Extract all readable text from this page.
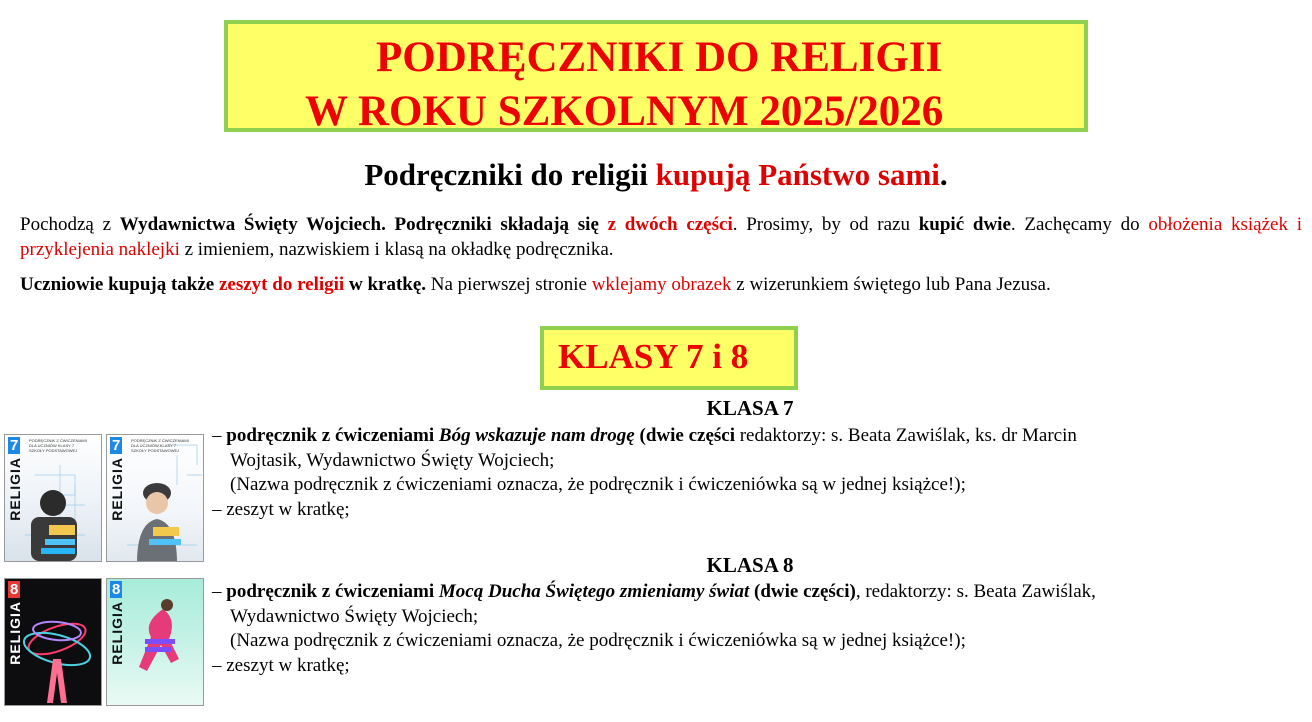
PODRĘCZNIKI DO RELIGII
W ROKU SZKOLNYM 2025/2026
Podręczniki do religii kupują Państwo sami.
Pochodzą z Wydawnictwa Święty Wojciech. Podręczniki składają się z dwóch części. Prosimy, by od razu kupić dwie. Zachęcamy do obłożenia książek i przyklejenia naklejki z imieniem, nazwiskiem i klasą na okładkę podręcznika.
Uczniowie kupują także zeszyt do religii w kratkę. Na pierwszej stronie wklejamy obrazek z wizerunkiem świętego lub Pana Jezusa.
KLASY 7 i 8
KLASA 7
7	PODRĘCZNIK Z ĆWICZENIAMI DLA UCZNIÓW KLASY 7 SZKOŁY PODSTAWOWEJ
RELIGIA
7	PODRĘCZNIK Z ĆWICZENIAMI DLA UCZNIÓW KLASY 7 SZKOŁY PODSTAWOWEJ
RELIGIA
– podręcznik z ćwiczeniami Bóg wskazuje nam drogę (dwie części redaktorzy: s. Beata Zawiślak, ks. dr Marcin
Wojtasik, Wydawnictwo Święty Wojciech;
(Nazwa podręcznik z ćwiczeniami oznacza, że podręcznik i ćwiczeniówka są w jednej książce!);
– zeszyt w kratkę;
KLASA 8
8
RELIGIA
8
RELIGIA
– podręcznik z ćwiczeniami Mocą Ducha Świętego zmieniamy świat (dwie części), redaktorzy: s. Beata Zawiślak,
Wydawnictwo Święty Wojciech;
(Nazwa podręcznik z ćwiczeniami oznacza, że podręcznik i ćwiczeniówka są w jednej książce!);
– zeszyt w kratkę;
